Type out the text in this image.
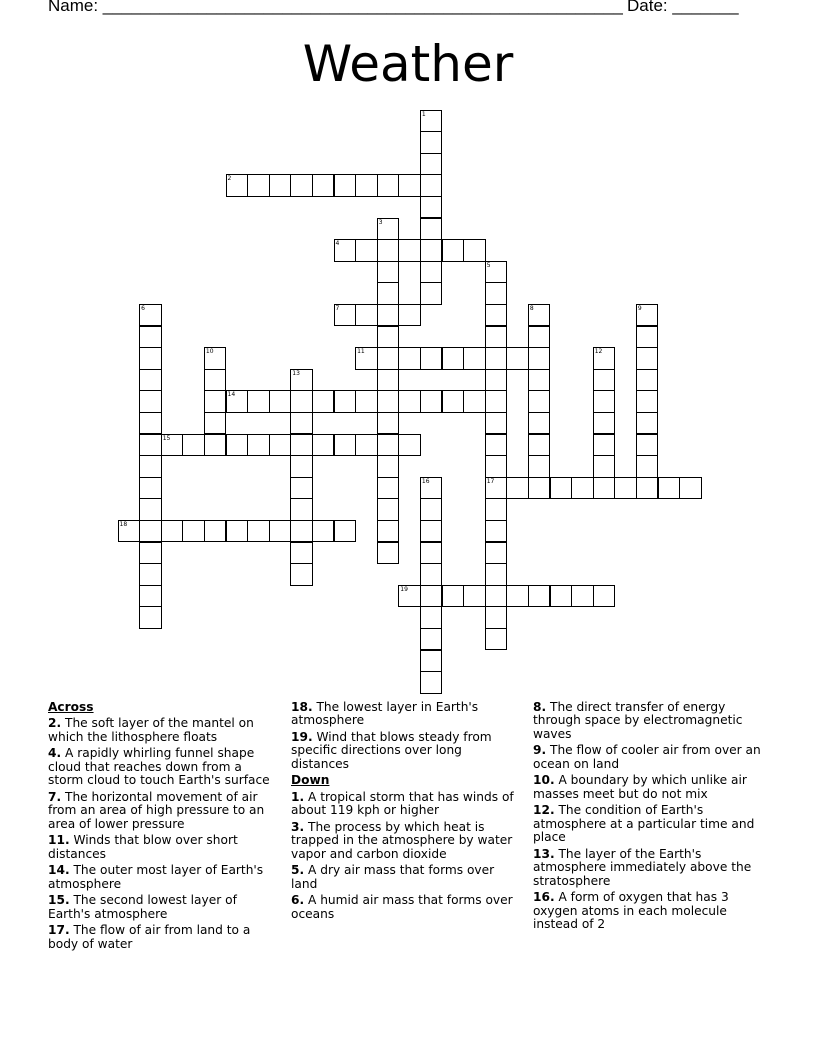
Name: _______________________________________________________ Date: _______
Weather
1
2
3
4
5
17
6	7	8	9
10	11	12
13
14
15
16
18
19
Across
2. The soft layer of the mantel on which the lithosphere floats
4. A rapidly whirling funnel shape cloud that reaches down from a storm cloud to touch Earth's surface
7. The horizontal movement of air from an area of high pressure to an area of lower pressure
11. Winds that blow over short distances
14. The outer most layer of Earth's atmosphere
15. The second lowest layer of Earth's atmosphere
17. The flow of air from land to a body of water
18. The lowest layer in Earth's atmosphere
19. Wind that blows steady from specific directions over long distances
Down
1. A tropical storm that has winds of about 119 kph or higher
3. The process by which heat is trapped in the atmosphere by water vapor and carbon dioxide
5. A dry air mass that forms over land
6. A humid air mass that forms over oceans
8. The direct transfer of energy through space by electromagnetic waves
9. The flow of cooler air from over an ocean on land
10. A boundary by which unlike air masses meet but do not mix
12. The condition of Earth's atmosphere at a particular time and place
13. The layer of the Earth's atmosphere immediately above the stratosphere
16. A form of oxygen that has 3 oxygen atoms in each molecule instead of 2
